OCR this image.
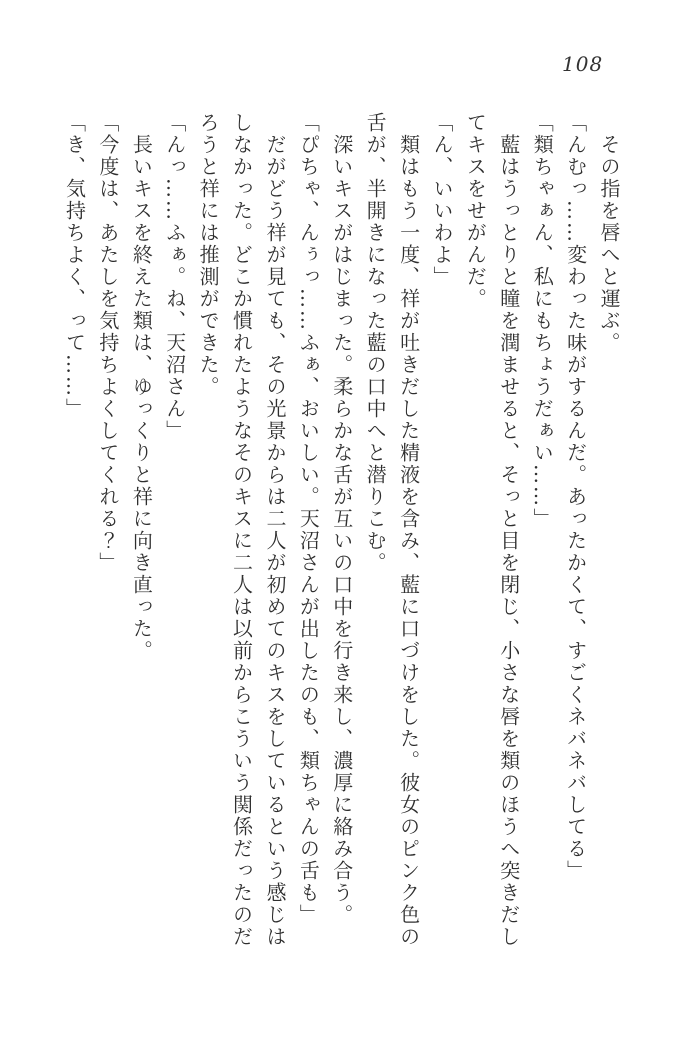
108

　その指を唇へと運ぶ。

「んむっ……変わった味がするんだ。あったかくて、すごくネバネバしてる」

「類ちゃぁん、私にもちょうだぁい……」

　藍はうっとりと瞳を潤ませると、そっと目を閉じ、小さな唇を類のほうへ突きだし

てキスをせがんだ。

「ん、いいわよ」

　類はもう一度、祥が吐きだした精液を含み、藍に口づけをした。彼女のピンク色の

舌が、半開きになった藍の口中へと潜りこむ。

　深いキスがはじまった。柔らかな舌が互いの口中を行き来し、濃厚に絡み合う。

「ぴちゃ、んぅっ……ふぁ、おいしい。天沼さんが出したのも、類ちゃんの舌も」

　だがどう祥が見ても、その光景からは二人が初めてのキスをしているという感じは

しなかった。どこか慣れたようなそのキスに二人は以前からこういう関係だったのだ

ろうと祥には推測ができた。

「んっ……ふぁ。ね、天沼さん」

　長いキスを終えた類は、ゆっくりと祥に向き直った。

「今度は、あたしを気持ちよくしてくれる？」

「き、気持ちよく、って……」
